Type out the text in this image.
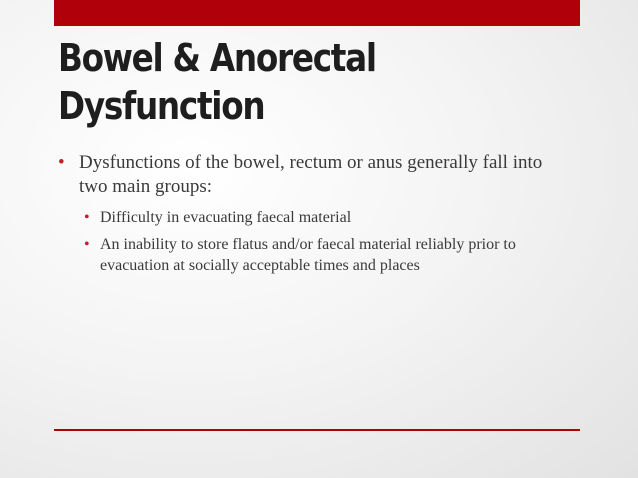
Bowel & Anorectal
Dysfunction

• Dysfunctions of the bowel, rectum or anus generally fall into two main groups:

• Difficulty in evacuating faecal material

• An inability to store flatus and/or faecal material reliably prior to evacuation at socially acceptable times and places
